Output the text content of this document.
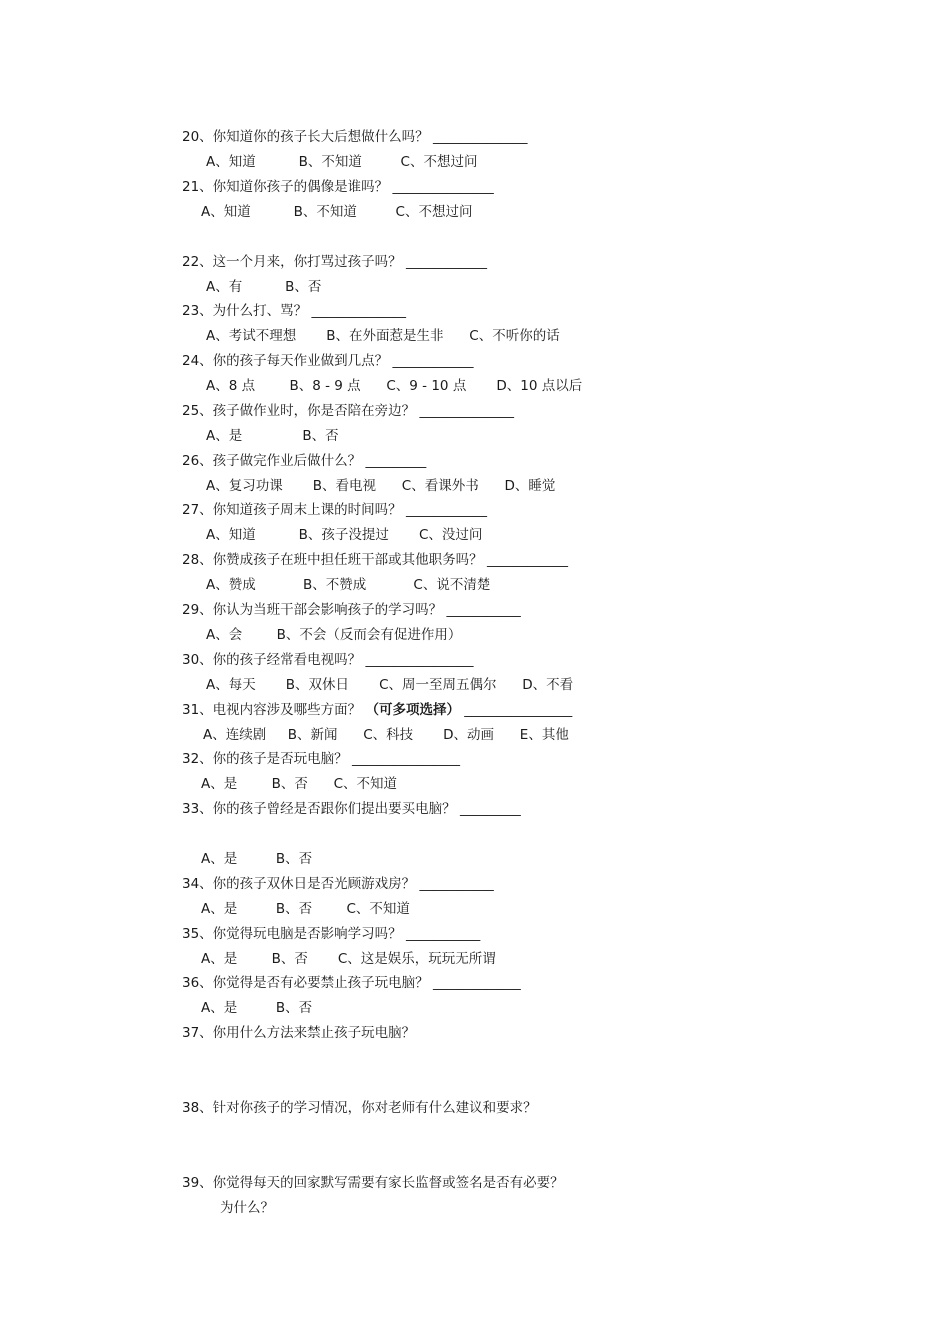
20、你知道你的孩子长大后想做什么吗？ ______________
A、知道          B、不知道         C、不想过问
21、你知道你孩子的偶像是谁吗？ _______________
A、知道          B、不知道         C、不想过问
22、这一个月来，你打骂过孩子吗？ ____________
A、有          B、否
23、为什么打、骂？ ______________
A、考试不理想       B、在外面惹是生非      C、不听你的话
24、你的孩子每天作业做到几点？ ____________
A、8 点        B、8 - 9 点      C、9 - 10 点       D、10 点以后
25、孩子做作业时，你是否陪在旁边？ ______________
A、是              B、否
26、孩子做完作业后做什么？ _________
A、复习功课       B、看电视      C、看课外书      D、睡觉
27、你知道孩子周末上课的时间吗？ ____________
A、知道          B、孩子没提过       C、没过问
28、你赞成孩子在班中担任班干部或其他职务吗？ ____________
A、赞成           B、不赞成           C、说不清楚
29、你认为当班干部会影响孩子的学习吗？ ___________
A、会        B、不会（反而会有促进作用）
30、你的孩子经常看电视吗？ ________________
A、每天       B、双休日       C、周一至周五偶尔      D、不看
31、电视内容涉及哪些方面？ （可多项选择） ________________
A、连续剧     B、新闻      C、科技       D、动画      E、其他
32、你的孩子是否玩电脑？ ________________
A、是        B、否      C、不知道
33、你的孩子曾经是否跟你们提出要买电脑？ _________
A、是         B、否
34、你的孩子双休日是否光顾游戏房？ ___________
A、是         B、否        C、不知道
35、你觉得玩电脑是否影响学习吗？ ___________
A、是        B、否       C、这是娱乐，玩玩无所谓
36、你觉得是否有必要禁止孩子玩电脑？ _____________
A、是         B、否
37、你用什么方法来禁止孩子玩电脑？
38、针对你孩子的学习情况，你对老师有什么建议和要求？
39、你觉得每天的回家默写需要有家长监督或签名是否有必要？
为什么？
